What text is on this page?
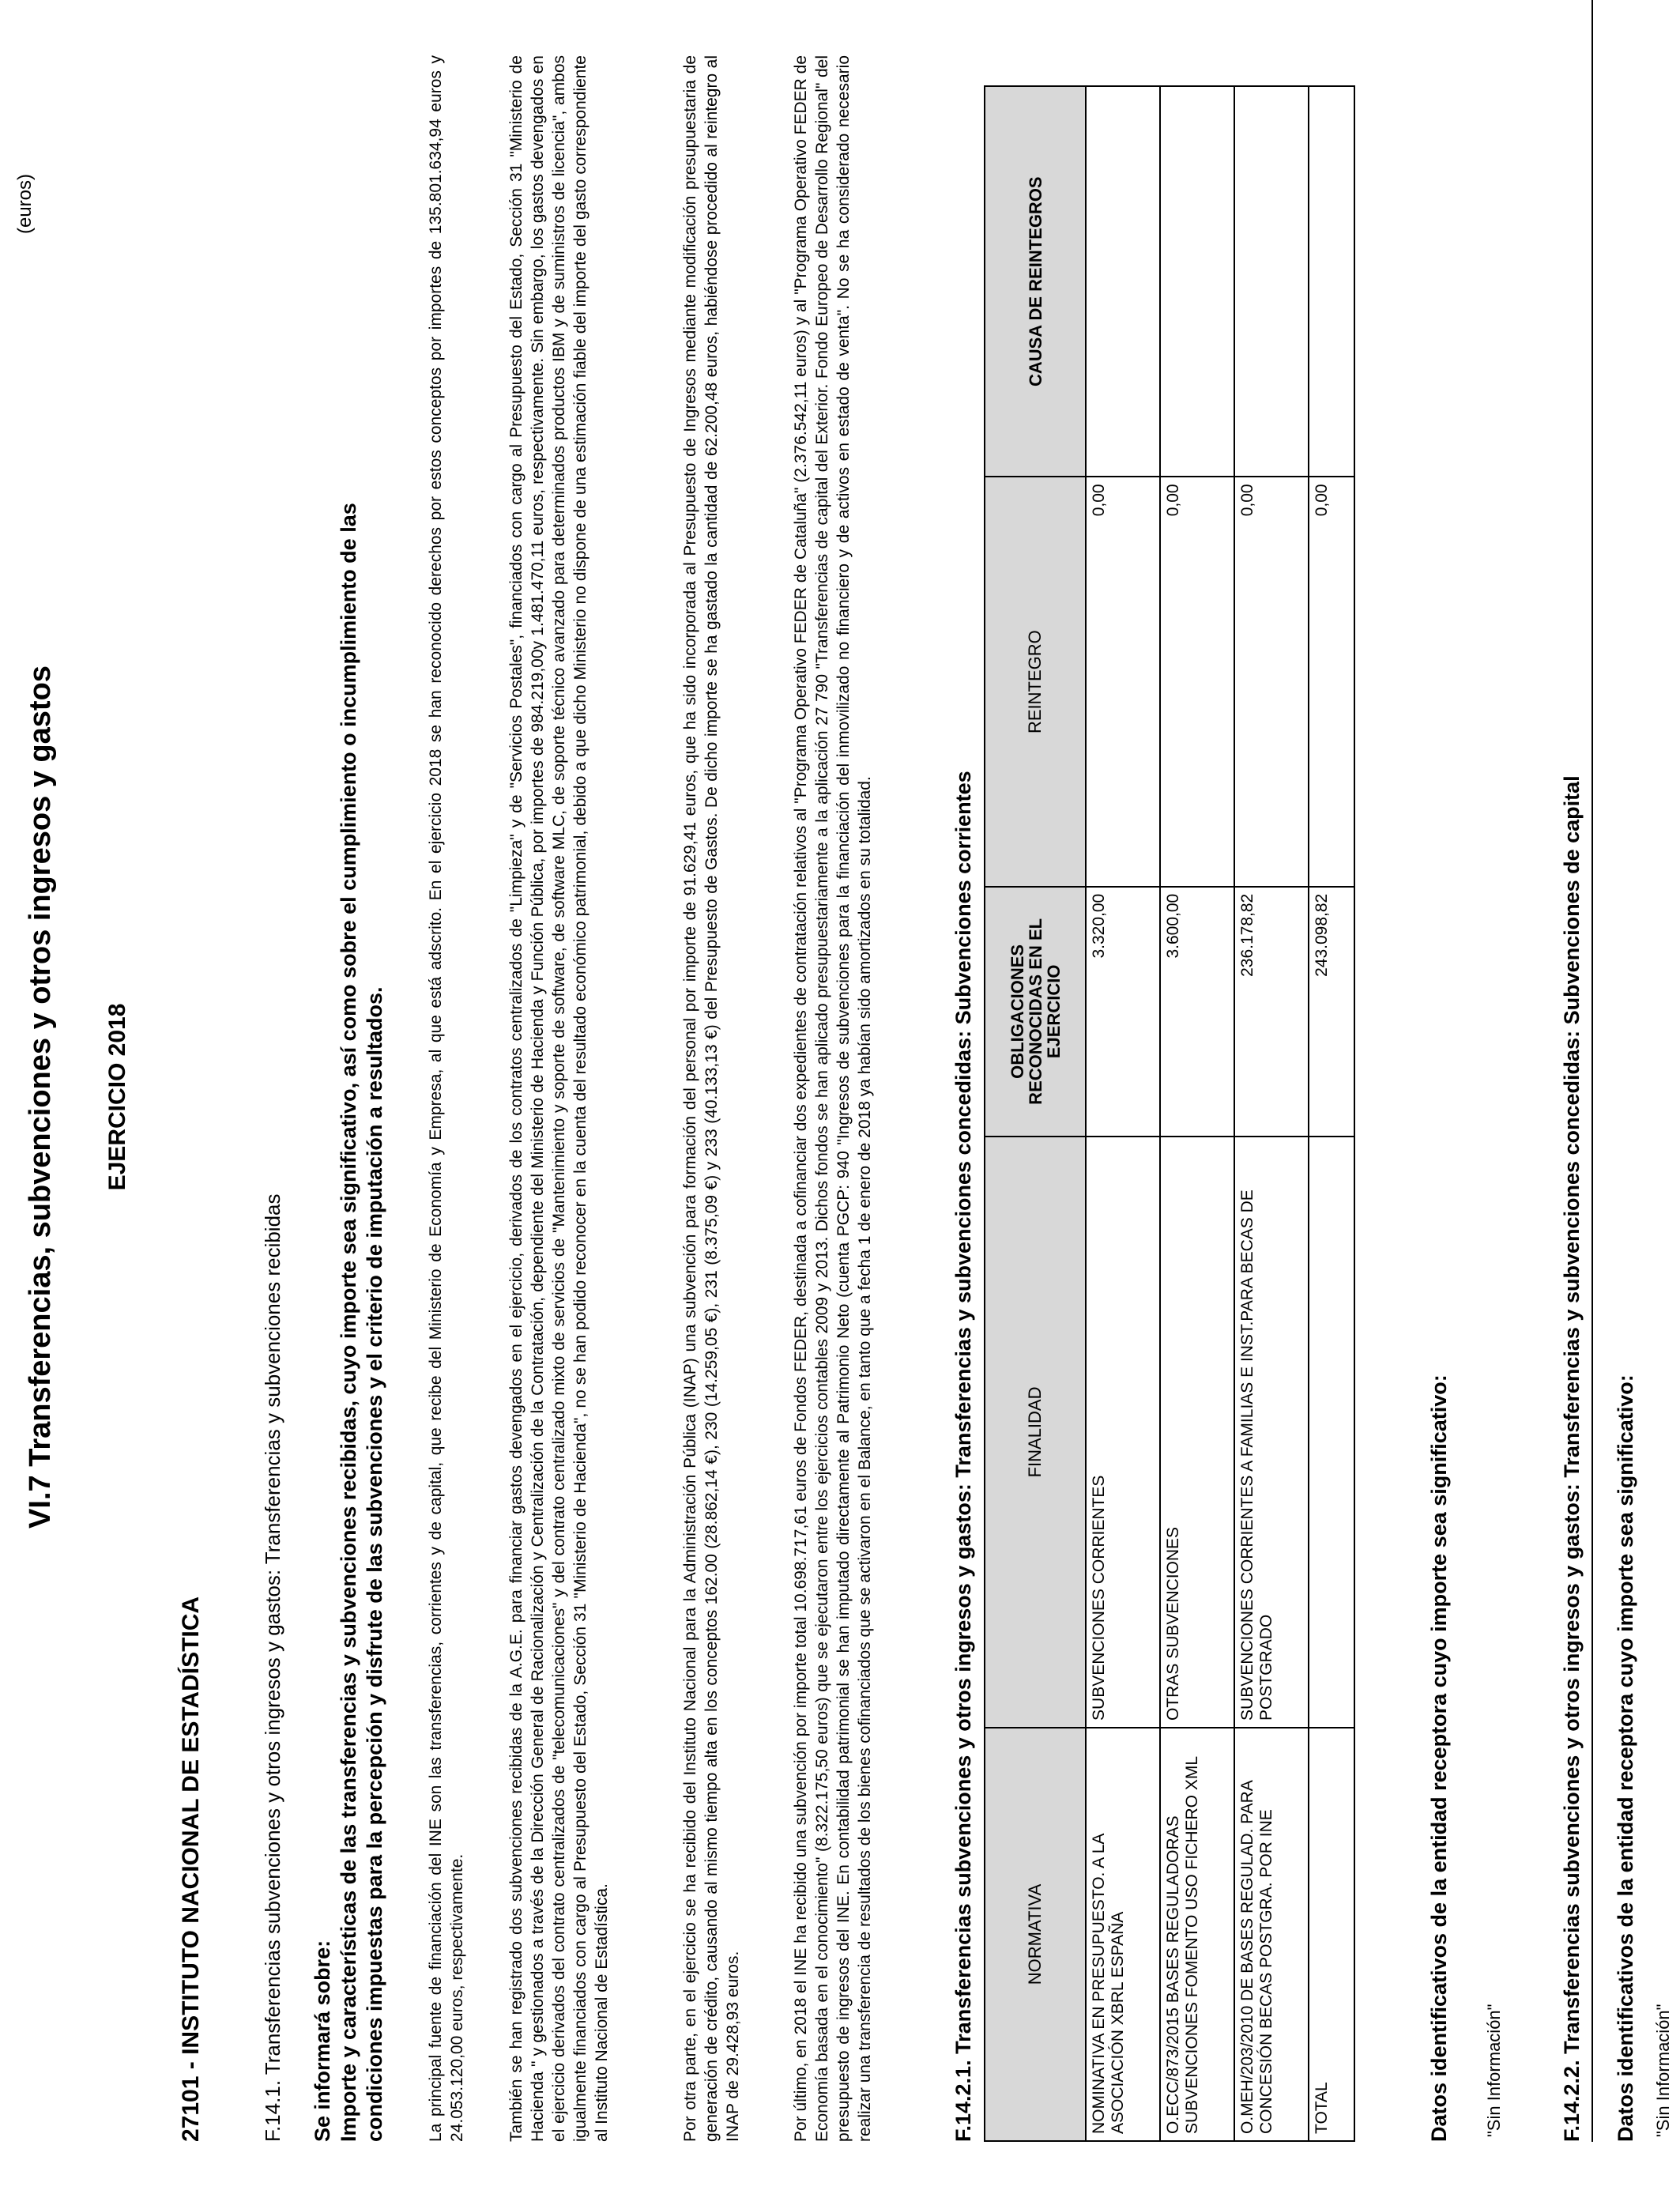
VI.7 Transferencias, subvenciones y otros ingresos y gastos
(euros)
EJERCICIO 2018
27101 - INSTITUTO NACIONAL DE ESTADÍSTICA	F.14.1. Transferencias subvenciones y otros ingresos y gastos: Transferencias y subvenciones recibidas Se informará sobre: Importe y características de las transferencias y subvenciones recibidas, cuyo importe sea significativo, así como sobre el cumplimiento o incumplimiento de las condiciones impuestas para la percepción y disfrute de las subvenciones y el criterio de imputación a resultados. La principal fuente de financiación del INE son las transferencias, corrientes y de capital, que recibe del Ministerio de Economía y Empresa, al que está adscrito. En el ejercicio 2018 se han reconocido derechos por estos conceptos por importes de 135.801.634,94 euros y 24.053.120,00 euros, respectivamente. También se han registrado dos subvenciones recibidas de la A.G.E. para financiar gastos devengados en el ejercicio, derivados de los contratos centralizados de "Limpieza" y de "Servicios Postales", financiados con cargo al Presupuesto del Estado, Sección 31 "Ministerio de Hacienda " y gestionados a través de la Dirección General de Racionalización y Centralización de la Contratación, dependiente del Ministerio de Hacienda y Función Pública, por importes de 984.219,00y 1.481.470,11 euros, respectivamente. Sin embargo, los gastos devengados en el ejercicio derivados del contrato centralizados de "telecomunicaciones" y del contrato centralizado mixto de servicios de "Mantenimiento y soporte de software, de software MLC, de soporte técnico avanzado para determinados productos IBM y de suministros de licencia", ambos igualmente financiados con cargo al Presupuesto del Estado, Sección 31 "Ministerio de Hacienda", no se han podido reconocer en la cuenta del resultado económico patrimonial, debido a que dicho Ministerio no dispone de una estimación fiable del importe del gasto correspondiente al Instituto Nacional de Estadística.	Por otra parte, en el ejercicio se ha recibido del Instituto Nacional para la Administración Pública (INAP) una subvención para formación del personal por importe de 91.629,41 euros, que ha sido incorporada al Presupuesto de Ingresos mediante modificación presupuestaria de generación de crédito, causando al mismo tiempo alta en los conceptos 162.00 (28.862,14 €), 230 (14.259,05 €), 231 (8.375,09 €) y 233 (40.133,13 €) del Presupuesto de Gastos. De dicho importe se ha gastado la cantidad de 62.200,48 euros, habiéndose procedido al reintegro al INAP de 29.428,93 euros.	Por último, en 2018 el INE ha recibido una subvención por importe total 10.698.717,61 euros de Fondos FEDER, destinada a cofinanciar dos expedientes de contratación relativos al "Programa Operativo FEDER de Cataluña" (2.376.542,11 euros) y al "Programa Operativo FEDER de Economía basada en el conocimiento" (8.322.175,50 euros) que se ejecutaron entre los ejercicios contables 2009 y 2013. Dichos fondos se han aplicado presupuestariamente a la aplicación 27 790 "Transferencias de capital del Exterior. Fondo Europeo de Desarrollo Regional" del presupuesto de ingresos del INE. En contabilidad patrimonial se han imputado directamente al Patrimonio Neto (cuenta PGCP: 940 "Ingresos de subvenciones para la financiación del inmovilizado no financiero y de activos en estado de venta". No se ha considerado necesario realizar una transferencia de resultados de los bienes cofinanciados que se activaron en el Balance, en tanto que a fecha 1 de enero de 2018 ya habían sido amortizados en su totalidad.	F.14.2.1. Transferencias subvenciones y otros ingresos y gastos: Transferencias y subvenciones concedidas: Subvenciones corrientes	NORMATIVA	FINALIDAD	OBLIGACIONES RECONOCIDAS EN EL EJERCICIO	REINTEGRO	CAUSA DE REINTEGROS
NOMINATIVA EN PRESUPUESTO. A LA ASOCIACIÓN XBRL ESPAÑA	SUBVENCIONES CORRIENTES	3.320,00	0,00	
O.ECC/873/2015 BASES REGULADORAS SUBVENCIONES FOMENTO USO FICHERO XML	OTRAS SUBVENCIONES	3.600,00	0,00	
O.MEH/203/2010 DE BASES REGULAD. PARA CONCESIÓN BECAS POSTGRA. POR INE	SUBVENCIONES CORRIENTES A FAMILIAS E INST.PARA BECAS DE POSTGRADO	236.178,82	0,00	
TOTAL		243.098,82	0,00	
Datos identificativos de la entidad receptora cuyo importe sea significativo: "Sin Información"	F.14.2.2. Transferencias subvenciones y otros ingresos y gastos: Transferencias y subvenciones concedidas: Subvenciones de capital Datos identificativos de la entidad receptora cuyo importe sea significativo: "Sin Información"
